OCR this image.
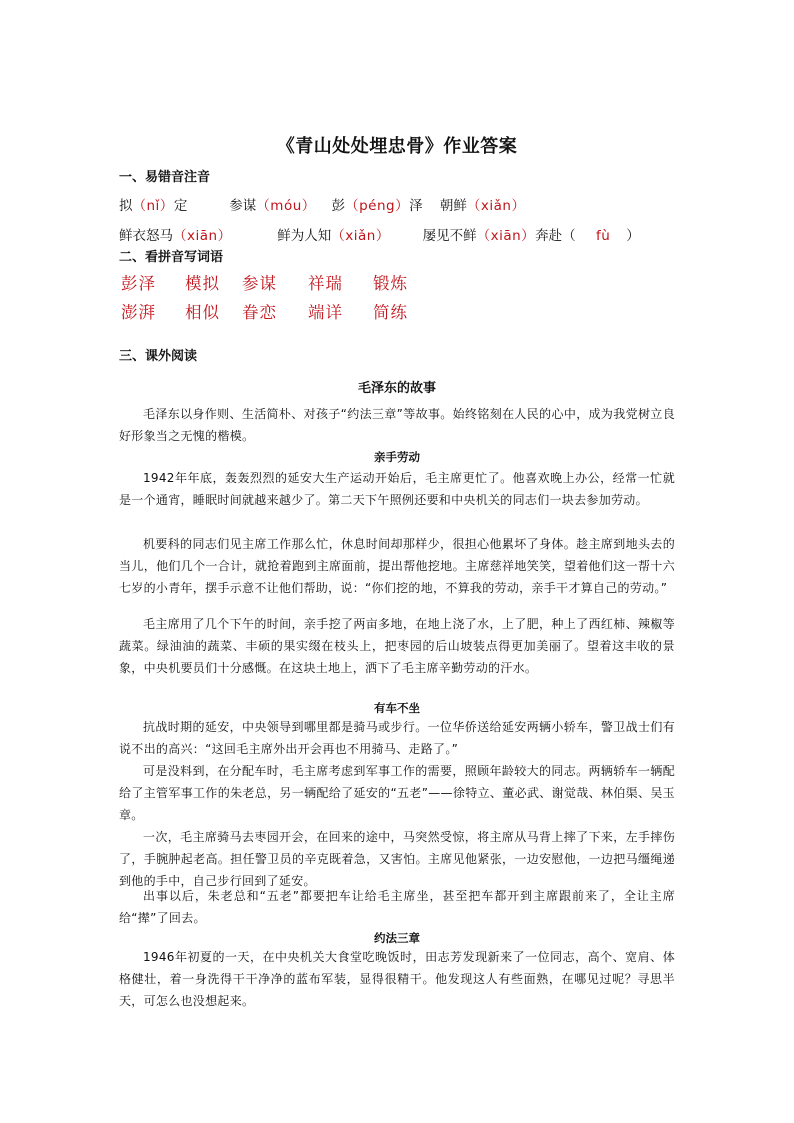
《青山处处埋忠骨》作业答案
一、易错音注音
拟（nǐ）定	参谋（móu） 彭（péng）泽 朝鲜（xiǎn）
鲜衣怒马（xiān）	鲜为人知（xiǎn） 屡见不鲜（xiān）奔赴（ fù ）
二、看拼音写词语
彭泽 模拟 参谋 祥瑞 锻炼
澎湃 相似 眷恋 端详 简练
三、课外阅读
毛泽东的故事
毛泽东以身作则、生活简朴、对孩子“约法三章”等故事。始终铭刻在人民的心中，成为我党树立良好形象当之无愧的楷模。
亲手劳动
1942年年底，轰轰烈烈的延安大生产运动开始后，毛主席更忙了。他喜欢晚上办公，经常一忙就是一个通宵，睡眠时间就越来越少了。第二天下午照例还要和中央机关的同志们一块去参加劳动。
机要科的同志们见主席工作那么忙，休息时间却那样少，很担心他累坏了身体。趁主席到地头去的当儿，他们几个一合计，就抢着跑到主席面前，提出帮他挖地。主席慈祥地笑笑，望着他们这一帮十六七岁的小青年，摆手示意不让他们帮助，说：“你们挖的地，不算我的劳动，亲手干才算自己的劳动。”
毛主席用了几个下午的时间，亲手挖了两亩多地，在地上浇了水，上了肥，种上了西红柿、辣椒等蔬菜。绿油油的蔬菜、丰硕的果实缀在枝头上，把枣园的后山坡装点得更加美丽了。望着这丰收的景象，中央机要员们十分感慨。在这块土地上，洒下了毛主席辛勤劳动的汗水。
有车不坐
抗战时期的延安，中央领导到哪里都是骑马或步行。一位华侨送给延安两辆小轿车，警卫战士们有说不出的高兴：“这回毛主席外出开会再也不用骑马、走路了。”
可是没料到，在分配车时，毛主席考虑到军事工作的需要，照顾年龄较大的同志。两辆轿车一辆配给了主管军事工作的朱老总，另一辆配给了延安的“五老”——徐特立、董必武、谢觉哉、林伯渠、吴玉章。
一次，毛主席骑马去枣园开会，在回来的途中，马突然受惊，将主席从马背上摔了下来，左手摔伤了，手腕肿起老高。担任警卫员的辛克既着急，又害怕。主席见他紧张，一边安慰他，一边把马缰绳递到他的手中，自己步行回到了延安。
出事以后，朱老总和“五老”都要把车让给毛主席坐，甚至把车都开到主席跟前来了，全让主席给“撵”了回去。
约法三章
1946年初夏的一天，在中央机关大食堂吃晚饭时，田志芳发现新来了一位同志，高个、宽肩、体格健壮，着一身洗得干干净净的蓝布军装，显得很精干。他发现这人有些面熟，在哪见过呢？寻思半天，可怎么也没想起来。
